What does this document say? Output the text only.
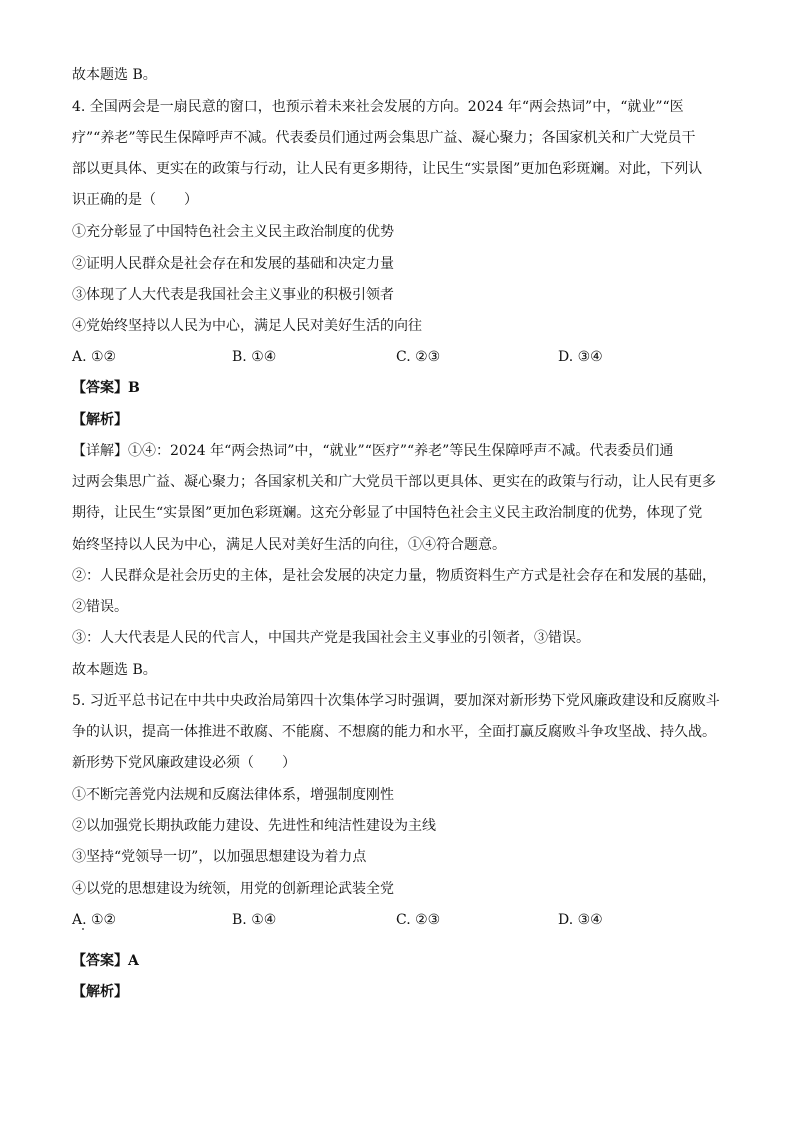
故本题选 B。
4. 全国两会是一扇民意的窗口，也预示着未来社会发展的方向。2024 年“两会热词”中，“就业”“医
疗”“养老”等民生保障呼声不减。代表委员们通过两会集思广益、凝心聚力；各国家机关和广大党员干
部以更具体、更实在的政策与行动，让人民有更多期待，让民生“实景图”更加色彩斑斓。对此，下列认
识正确的是（　　）
①充分彰显了中国特色社会主义民主政治制度的优势
②证明人民群众是社会存在和发展的基础和决定力量
③体现了人大代表是我国社会主义事业的积极引领者
④党始终坚持以人民为中心，满足人民对美好生活的向往
A. ①②	B. ①④	C. ②③	D. ③④
【答案】B
【解析】
【详解】①④：2024 年“两会热词”中，“就业”“医疗”“养老”等民生保障呼声不减。代表委员们通
过两会集思广益、凝心聚力；各国家机关和广大党员干部以更具体、更实在的政策与行动，让人民有更多
期待，让民生“实景图”更加色彩斑斓。这充分彰显了中国特色社会主义民主政治制度的优势，体现了党
始终坚持以人民为中心，满足人民对美好生活的向往，①④符合题意。
②：人民群众是社会历史的主体，是社会发展的决定力量，物质资料生产方式是社会存在和发展的基础，
②错误。
③：人大代表是人民的代言人，中国共产党是我国社会主义事业的引领者，③错误。
故本题选 B。
5. 习近平总书记在中共中央政治局第四十次集体学习时强调，要加深对新形势下党风廉政建设和反腐败斗
争的认识，提高一体推进不敢腐、不能腐、不想腐的能力和水平，全面打赢反腐败斗争攻坚战、持久战。
新形势下党风廉政建设必须（　　）
①不断完善党内法规和反腐法律体系，增强制度刚性
②以加强党长期执政能力建设、先进性和纯洁性建设为主线
③坚持“党领导一切”，以加强思想建设为着力点
④以党的思想建设为统领，用党的创新理论武装全党
A. ①②	B. ①④	C. ②③	D. ③④
【答案】A
【解析】
